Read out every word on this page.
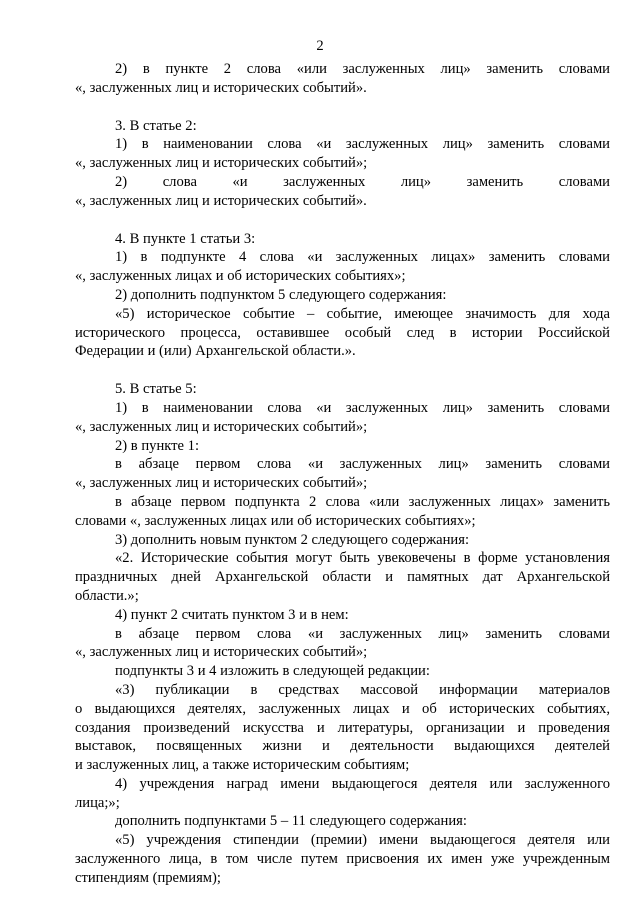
2
2) в пункте 2 слова «или заслуженных лиц» заменить словами
«, заслуженных лиц и исторических событий».
3. В статье 2:
1) в наименовании слова «и заслуженных лиц» заменить словами
«, заслуженных лиц и исторических событий»;
2) слова «и заслуженных лиц» заменить словами
«, заслуженных лиц и исторических событий».
4. В пункте 1 статьи 3:
1) в подпункте 4 слова «и заслуженных лицах» заменить словами
«, заслуженных лицах и об исторических событиях»;
2) дополнить подпунктом 5 следующего содержания:
«5) историческое событие – событие, имеющее значимость для хода
исторического процесса, оставившее особый след в истории Российской
Федерации и (или) Архангельской области.».
5. В статье 5:
1) в наименовании слова «и заслуженных лиц» заменить словами
«, заслуженных лиц и исторических событий»;
2) в пункте 1:
в абзаце первом слова «и заслуженных лиц» заменить словами
«, заслуженных лиц и исторических событий»;
в абзаце первом подпункта 2 слова «или заслуженных лицах» заменить
словами «, заслуженных лицах или об исторических событиях»;
3) дополнить новым пунктом 2 следующего содержания:
«2. Исторические события могут быть увековечены в форме установления
праздничных дней Архангельской области и памятных дат Архангельской
области.»;
4) пункт 2 считать пунктом 3 и в нем:
в абзаце первом слова «и заслуженных лиц» заменить словами
«, заслуженных лиц и исторических событий»;
подпункты 3 и 4 изложить в следующей редакции:
«3) публикации в средствах массовой информации материалов
о выдающихся деятелях, заслуженных лицах и об исторических событиях,
создания произведений искусства и литературы, организации и проведения
выставок, посвященных жизни и деятельности выдающихся деятелей
и заслуженных лиц, а также историческим событиям;
4) учреждения наград имени выдающегося деятеля или заслуженного
лица;»;
дополнить подпунктами 5 – 11 следующего содержания:
«5) учреждения стипендии (премии) имени выдающегося деятеля или
заслуженного лица, в том числе путем присвоения их имен уже учрежденным
стипендиям (премиям);
